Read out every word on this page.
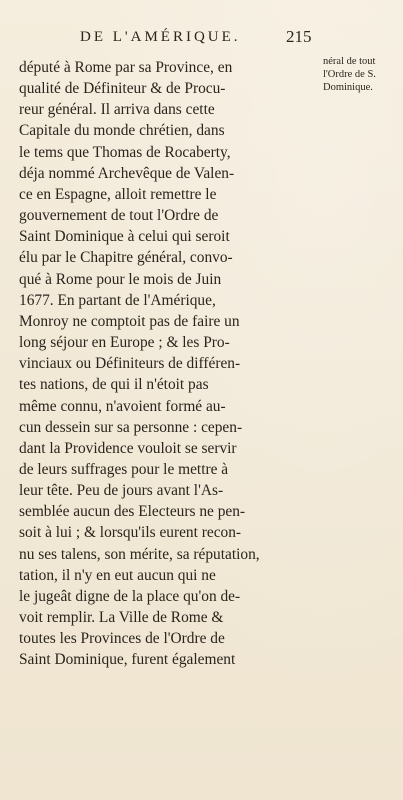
DE L'AMÉRIQUE.	215
néral de tout
l'Ordre de S.
Dominique.
député à Rome par sa Province, en
qualité de Définiteur & de Procu-
reur général. Il arriva dans cette
Capitale du monde chrétien, dans
le tems que Thomas de Rocaberty,
déja nommé Archevêque de Valen-
ce en Espagne, alloit remettre le
gouvernement de tout l'Ordre de
Saint Dominique à celui qui seroit
élu par le Chapitre général, convo-
qué à Rome pour le mois de Juin
1677. En partant de l'Amérique,
Monroy ne comptoit pas de faire un
long séjour en Europe ; & les Pro-
vinciaux ou Définiteurs de différen-
tes nations, de qui il n'étoit pas
même connu, n'avoient formé au-
cun dessein sur sa personne : cepen-
dant la Providence vouloit se servir
de leurs suffrages pour le mettre à
leur tête. Peu de jours avant l'As-
semblée aucun des Electeurs ne pen-
soit à lui ; & lorsqu'ils eurent recon-
nu ses talens, son mérite, sa réputation,
tation, il n'y en eut aucun qui ne
le jugeât digne de la place qu'on de-
voit remplir. La Ville de Rome &
toutes les Provinces de l'Ordre de
Saint Dominique, furent également
